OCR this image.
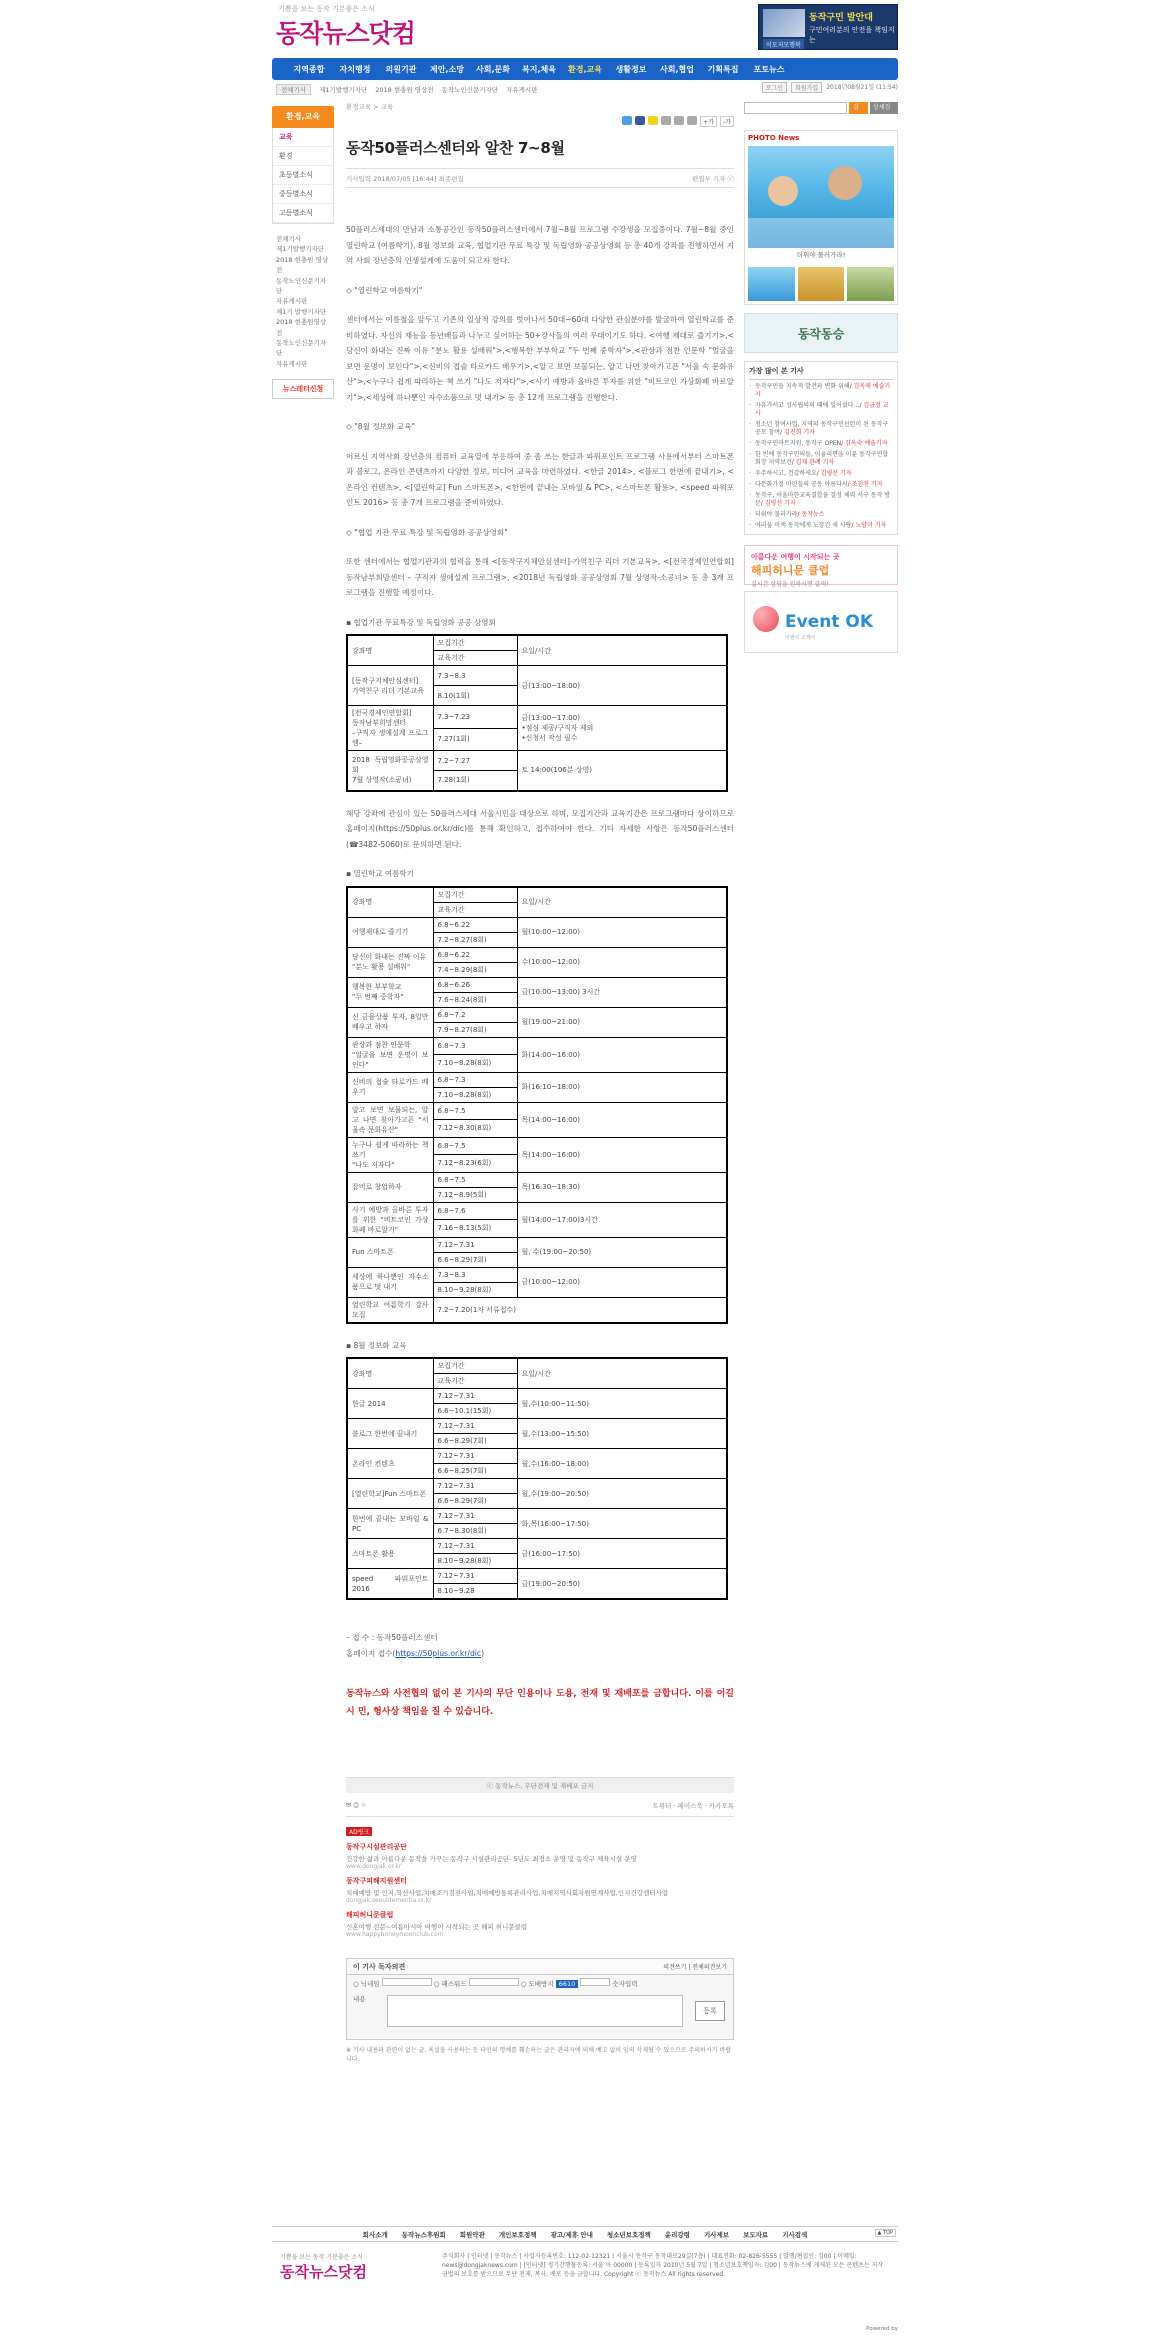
기쁨을 보는 동작 기분좋은 소식
동작뉴스닷컴
동작구민 발안대
구민여러분의 안전을 책임지는
이모저모행복
지역종합	자치행정	의원기관	제안,소망	사회,문화	복지,체육	환경,교육	생활정보	사회,협업	기획특집	포토뉴스
전체기사	제1기발행기자단 2018 현충원 영상전 동작노인신문기자단 자유게시판	로그인	회원가입	2018년08월21일 (11:54)
환경,교육
교육
환경
초등별소식
중등별소식
고등별소식
전체기사
제1기발행기자단
2018 현충원 영상전
동작노인신문기자단
자유게시판
제1기 발행기자단
2018 현충원영상전
동작노인신문기자단
자유게시판
뉴스레터신청
환경교육 > 교육
+가	-가
동작50플러스센터와 알찬 7~8월
기사입력 2018/07/05 [16:44] 최종편집	편집부 기자 ⓒ

50플러스세대의 만남과 소통공간인 동작50플러스센터에서 7월~8월 프로그램 수강생을 모집중이다. 7월~8월 중인 열린학교 (여름학기), 8월 정보화 교육, 협업기관 무료 특강 및 독립영화 공공상영회 등 총 40개 강좌를 진행하면서 지역 사회 장년층의 인생설계에 도움이 되고자 한다.

◇ "열린학교 여름학기"

센터에서는 여름철을 앞두고 기존의 일상적 강의를 벗어나서 50대~60대 다양한 관심분야를 발굴하여 열린학교를 준비하였다. 자신의 재능을 동년배들과 나누고 싶어하는 50+강사들의 여러 무대이기도 하다. <여행 제대로 즐기기>,<당신이 화내는 진짜 이유 "분노 활용 설배워">,<행복한 부부학교 "두 번째 중학자">,<관상과 점찬 인문학 "얼굴을 보면 운명이 보인다">,<신비의 접술 타로카드 배우기>,<알고 보면 보물되는, 알고 나면 찾아가고픈 "서울 속 문화유산">,<누구나 쉽게 따라하는 책 쓰기 "나도 저자다">,<사기 예방과 올바른 투자를 위한 "비트코인 가상화폐 바로알기">,<세상에 하나뿐인 자수소품으로 멋 내기> 등 총 12개 프로그램을 진행한다.

◇ "8월 정보화 교육"

어르신 지역사회 장년층의 컴퓨터 교육열에 부응하여 중 좀 쓰는 한글과 파워포인트 프로그램 사용에서부터 스마트폰과 블로그, 온라인 콘텐츠까지 다양한 정보, 미디어 교육을 마련하였다. <한글 2014>, <블로그 한번에 끝내기>, <온라인 컨텐츠>, <[열린학교] Fun 스마트폰>, <한번에 끝내는 모바일 & PC>, <스마트폰 활용>, <speed 파워포인트 2016> 등 총 7개 프로그램을 준비하였다.

◇ "협업 기관 무료 특강 및 독립영화 공공상영회"

또한 센터에서는 협업기관과의 협력을 통해 <[동작구지체안심센터]-가역친구 리더 기본교육>, <[전국경제인연합회]동작남부희망센터 – 구직자 생애설계 프로그램>, <2018년 독립영화 공공상영회 7월 상영작-소공녀> 등 총 3개 프로그램을 진행할 예정이다.

▪ 협업기관 무료특강 및 독립영화 공공 상영회
강좌명	모집기간	요일/시간
	교육기간	
[동작구지체안심센터]
가역친구 리더 기본교육	7.3~8.3	금(13:00~18:00)
	8.10(1회)	
[전국경제인연합회]
동작남부희망센터
–구직자 생애설계 프로그램–	7.3~7.23	금(13:00~17:00)
•점심 제공/구직자 제외
•신청서 작성 필수
	7.27(1회)	
2018 독립영화공공상영회
7월 상영작(소공녀)	7.2~7.27	토 14:00(106분 상영)
	7.28(1회)	

해당 강좌에 관심이 있는 50플러스세대 서울시민을 대상으로 하며, 모집기간과 교육기간은 프로그램마다 상이하므로 홈페이지(https://50plus.or.kr/dic)를 통해 확인하고, 접수하여야 한다. 기타 자세한 사항은 동작50플러스센터 (☎3482-5060)로 문의하면 된다.

▪ 열린학교 여름학기
강좌명	모집기간	요일/시간
	교육기간	
여행제대로 즐기기	6.8~6.22	월(10:00~12:00)
	7.2~8.27(8회)	
당신이 화내는 진짜 이유
"분노 활용 설배워"	6.8~6.22	수(10:00~12:00)
	7.4~8.29(8회)	
행복한 부부학교
"두 번째 중학자"	6.8~6.26	금(10:00~13:00) 3시간
	7.6~8.24(8회)	
신 금융상품 투자, 8일만 배우고 하자	6.8~7.2	월(19:00~21:00)
	7.9~8.27(8회)	
관상과 점찬 인문학
"얼굴을 보면 운명이 보인다"	6.8~7.3	화(14:00~16:00)
	7.10~8.28(8회)	
신비의 접술 타로카드 배우기	6.8~7.3	화(16:10~18:00)
	7.10~8.28(8회)	
알고 보면 보물되는, 알고 나면 찾아가고픈 "서울속 문화유산"	6.8~7.5	목(14:00~16:00)
	7.12~8.30(8회)	
누구나 쉽게 따라하는 책쓰기
"나도 저자다"	6.8~7.5	목(14:00~16:00)
	7.12~8.23(6회)	
잡비로 창업하자	6.8~7.5	목(16:30~18:30)
	7.12~8.9(5회)	
사기 예방과 올바른 투자를 위한 "비트코인 가상화폐 바로알기"	6.8~7.6	월(14:00~17:00)3시간
	7.16~8.13(5회)	
Fun 스마트폰	7.12~7.31	월, 수(19:00~20:50)
	6.6~8.29(7회)	
세상에 하나뿐인 자수소품으로 멋 내기	7.3~8.3	금(10:00~12:00)
	8.10~9.28(8회)	
열린학교 여름학기 강사 모집	7.2~7.20(1차 서류접수)	
▪ 8월 정보화 교육
강좌명	모집기간	요일/시간
	교육기간	
한글 2014	7.12~7.31	월,수(10:00~11:50)
	6.6~10.1(15회)	
블로그 한번에 끝내기	7.12~7.31	월,수(13:00~15:50)
	6.6~8.29(7회)	
온라인 컨텐츠	7.12~7.31	월,수(16:00~18:00)
	6.6~8.25(7회)	
[열린학교]Fun 스마트폰	7.12~7.31	월,수(19:00~20:50)
	6.6~8.29(7회)	
한번에 끝내는 모바일 & PC	7.12~7.31	화,목(16:00~17:50)
	6.7~8.30(8회)	
스마트폰 활용	7.12~7.31	금(16:00~17:50)
	8.10~9.28(8회)	
speed 파워포인트 2016	7.12~7.31	금(19:00~20:50)
	8.10~9.28	
– 접 수 : 동작50플러스센터
홈페이지 접수(https://50plus.or.kr/dic)
동작뉴스와 사전협의 없이 본 기사의 무단 인용이나 도용, 전재 및 재배포를 금합니다. 이를 어길 시 민, 형사상 책임을 질 수 있습니다.
ⓒ 동작뉴스, 무단전재 및 재배포 금지
✉ ⎙ ☆	트위터 · 페이스북 · 카카오톡
AD링크
동작구시설관리공단
건강한 삶과 아름다운 동작을 가꾸는 동작구 시설관리공단- 5년도 최정소 운영 및 동작구 체육시설 운영
www.dongjak.or.kr
동작구피해지원센터
치매예방 및 인지,학산사업,치매조기검진사업,치매예방통록관리사업,치매지역사회자원연계사업,인지건강센터사업
dongjak.seouldementia.or.kr
해피허니문클럽
신혼여행 전문~여름아시아 여행이 시작되는 곳 해피 허니문클럽
www.happyhoneymoonclub.com
이 기사 독자의견	의견쓰기 | 전체의견보기
○ 닉네임	○ 패스워드	○ 도배방지 6610	숫자입력
내용
등록
※ 기사 내용과 관련이 없는 글, 욕설을 사용하는 등 타인의 명예를 훼손하는 글은 관리자에 의해 예고 없이 임의 삭제될 수 있으므로 주의하시기 바랍니다.
검색
상세검색
PHOTO News
더위야 물러가라!
동작동승
가장 많이 본 기사
· 동작구민들 지속적 발전과 변화 위해/ 김옥매 예술기자
· 자유가서고 성사립의의 때에 일어섰다…/ 김금정 교사
· 청소년 참여사업, 지역의 동작구민선턴이 된 동작구 공모 참여/ 김진희 기자
· 동작구민마트지원, 동작구 OPEN/ 김옥숙 예술기자
· 한 빈에 동작구민의들, 어울리면을 이룬 동작구연합회장 지역보건/ 김재 관례 기자
· 우주하시고, 건강하세요/ 김영선 기자
· 다문화가정 마련들의 공동 아름다시/ 조진진 기자
· 동작구, 어울마한교육결합을 결성 체력 서구 동작 방문/ 김영선 기자
· 더위야 물러가라/ 동작뉴스
· 여러움 이색 동작에게 노장건 세 사탕/ 노양미 기자
아름다운 여행이 시작되는 곳
해피허니문 클럽
실시간 상담을 원하시면 클릭!
Event OK
이벤트 오케이
회사소개 동작뉴스후원회 회원약관 개인보호정책 광고/제휴 안내 청소년보호정책 윤리강령 기사제보 보도자료 기사검색	▲ TOP
기쁨을 보는 동작 기분좋은 소식
동작뉴스닷컴
주식회사 | 인터넷 | 동작뉴스 | 사업자등록번호: 112-02-12321 | 서울시 동작구 동작대로29길(7층) | 대표전화: 02-826-5555 | 발행/편집인: 김00 | 이메일: news@dongjaknews.com | [인터넷] 정기간행물등록: 서울 아 00000 | 등록일자 2010년 5월 7일 | 청소년보호책임자: 김00 | 동작뉴스에 게재된 모든 콘텐츠는 저작권법의 보호를 받으므로 무단 전재, 복사, 배포 등을 금합니다. Copyright ⓒ 동작뉴스 All rights reserved.
Powered by
